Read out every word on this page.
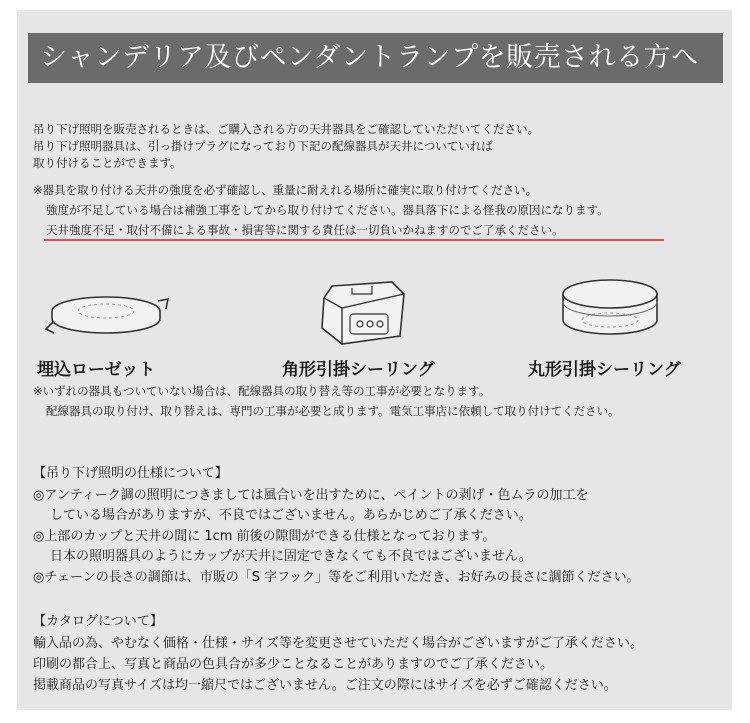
シャンデリア及びペンダントランプを販売される方へ
吊り下げ照明を販売されるときは、ご購入される方の天井器具をご確認していただいてください。
吊り下げ照明器具は、引っ掛けプラグになっており下記の配線器具が天井についていれば
取り付けることができます。
※器具を取り付ける天井の強度を必ず確認し、重量に耐えれる場所に確実に取り付けてください。
強度が不足している場合は補強工事をしてから取り付けてください。器具落下による怪我の原因になります。
天井強度不足・取付不備による事故・損害等に関する責任は一切負いかねますのでご了承ください。
埋込ローゼット	角形引掛シーリング	丸形引掛シーリング
※いずれの器具もついていない場合は、配線器具の取り替え等の工事が必要となります。
配線器具の取り付け、取り替えは、専門の工事が必要と成ります。電気工事店に依頼して取り付けてください。
【吊り下げ照明の仕様について】
◎アンティーク調の照明につきましては風合いを出すために、ペイントの剥げ・色ムラの加工を
している場合がありますが、不良ではございません。あらかじめご了承ください。
◎上部のカップと天井の間に 1cm 前後の隙間ができる仕様となっております。
日本の照明器具のようにカップが天井に固定できなくても不良ではございません。
◎チェーンの長さの調節は、市販の「S 字フック」等をご利用いただき、お好みの長さに調節ください。
【カタログについて】
輸入品の為、やむなく価格・仕様・サイズ等を変更させていただく場合がございますがご了承ください。
印刷の都合上、写真と商品の色具合が多少ことなることがありますのでご了承ください。
掲載商品の写真サイズは均一縮尺ではございません。ご注文の際にはサイズを必ずご確認ください。
